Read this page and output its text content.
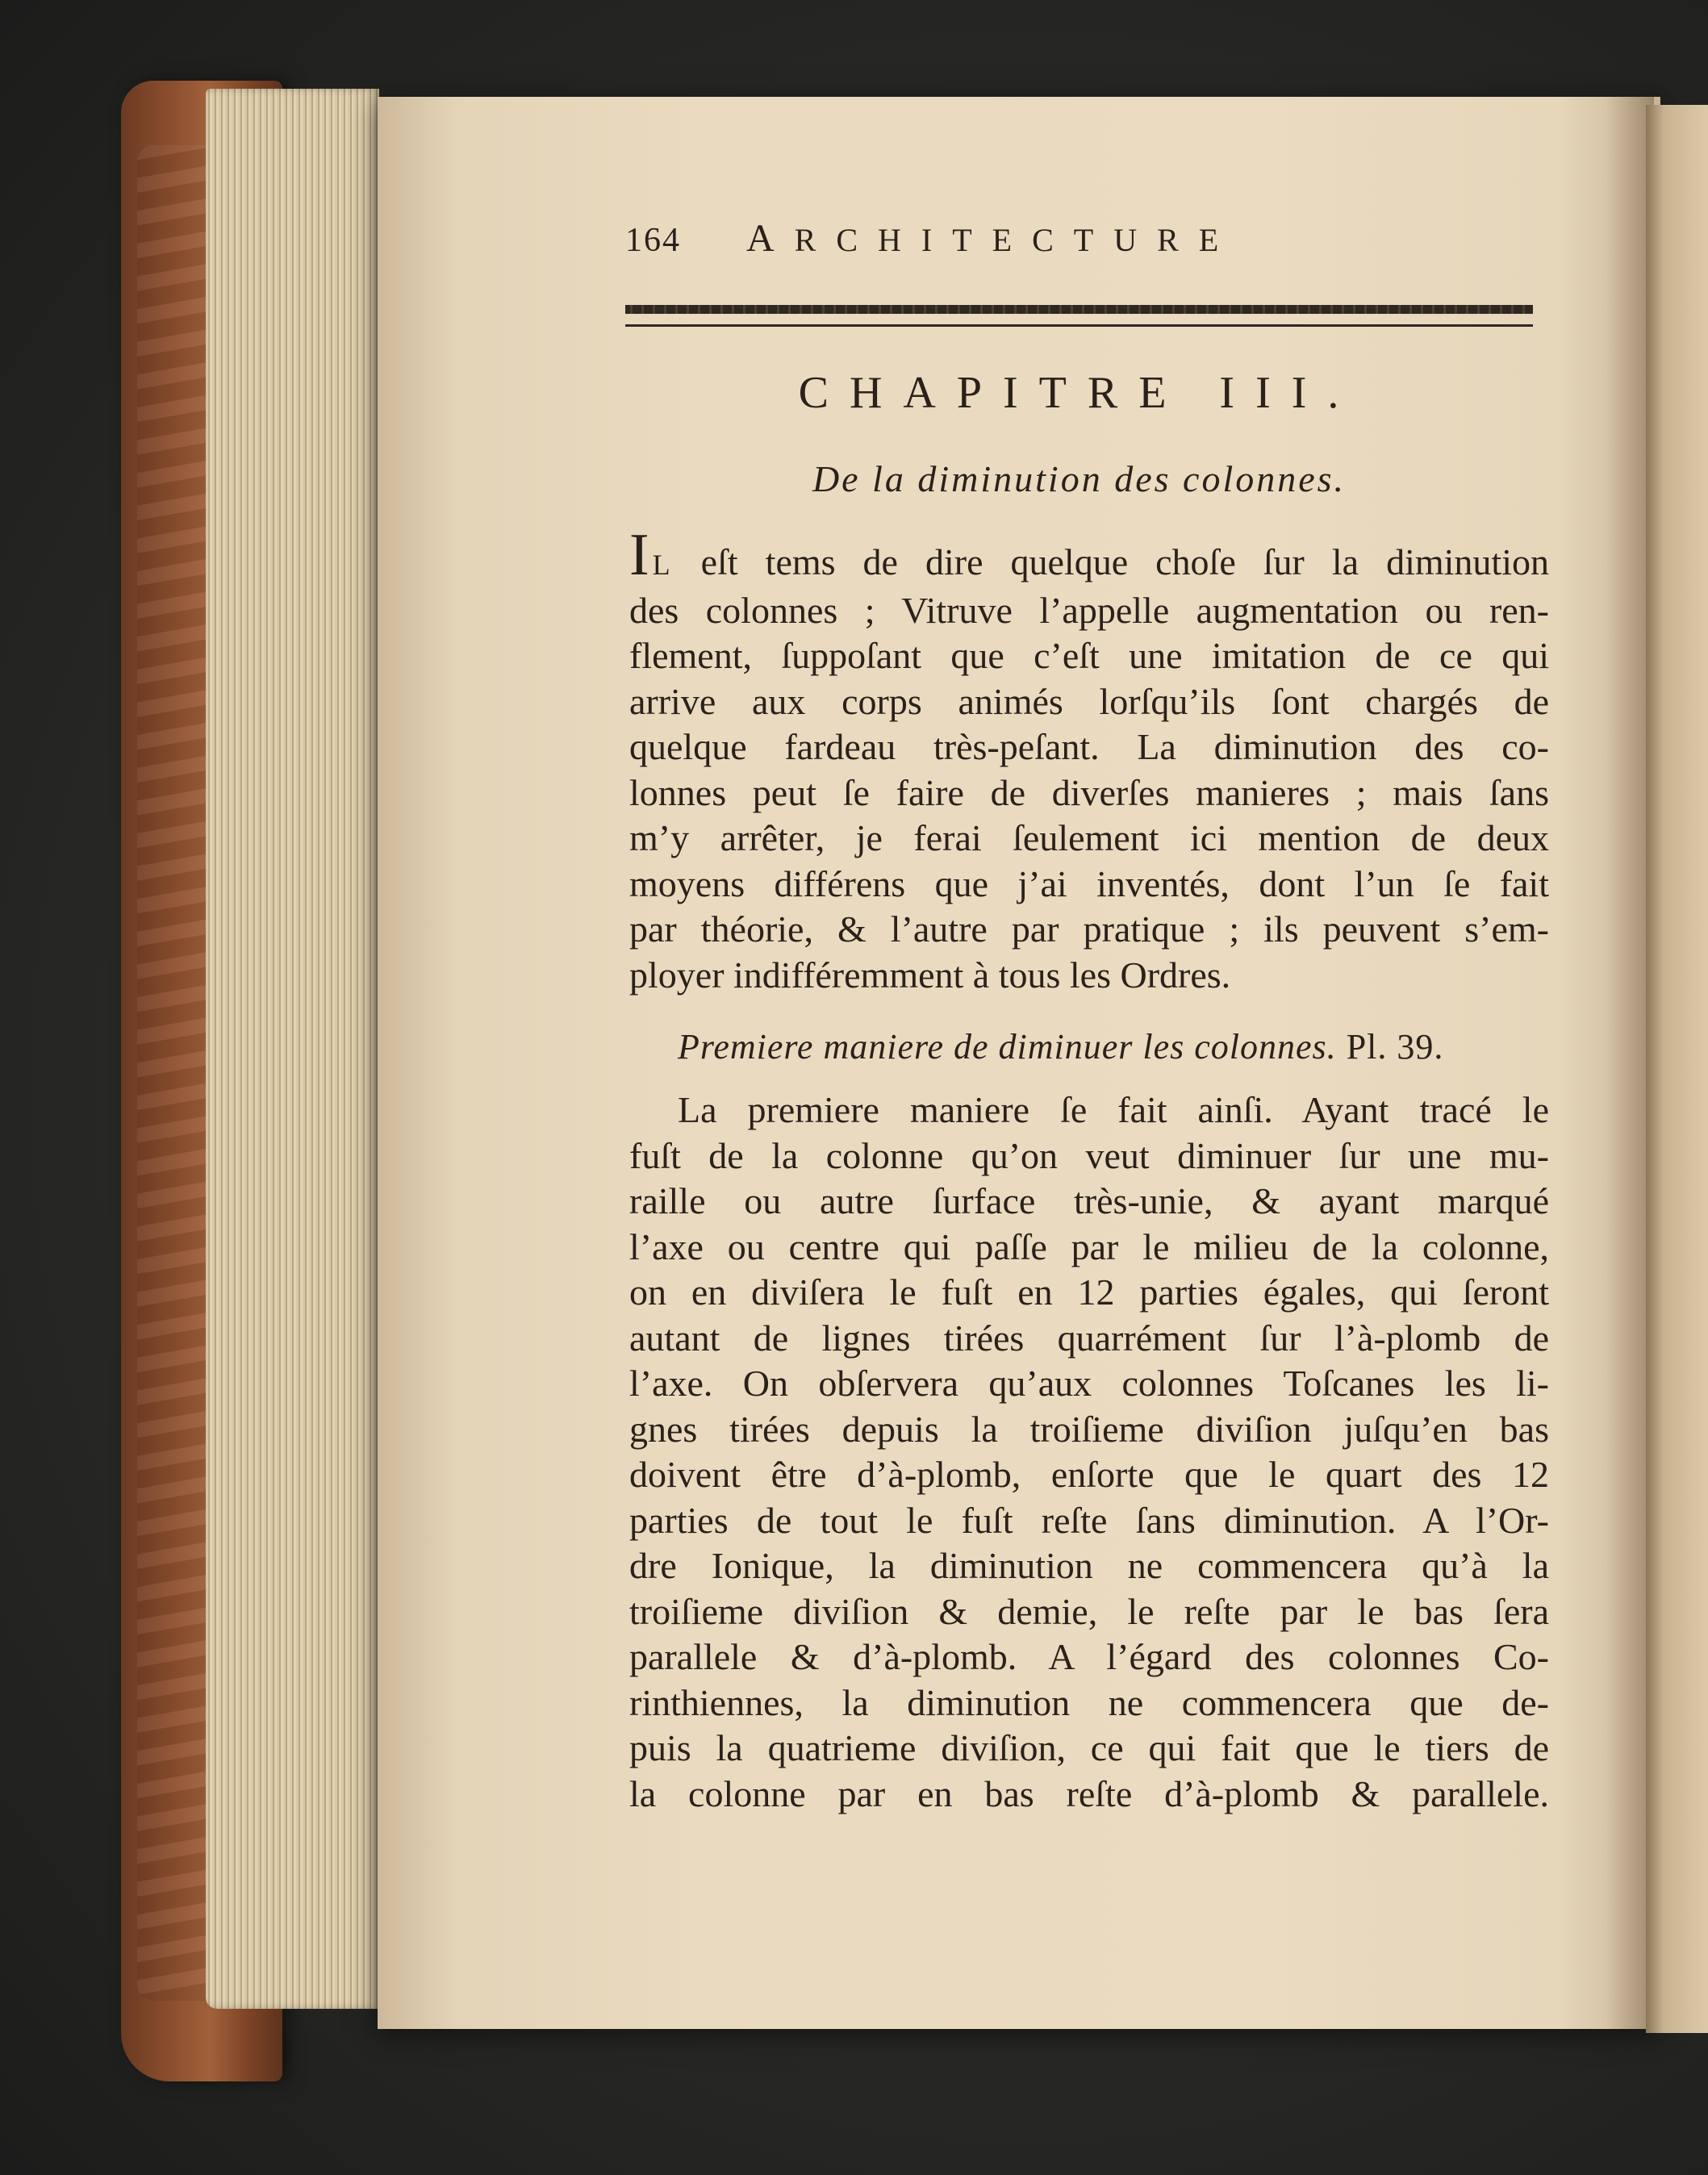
164	ARCHITECTURE
CHAPITRE III.
De la diminution des colonnes.
IL eſt tems de dire quelque choſe ſur la diminution
des colonnes ; Vitruve l’appelle augmentation ou ren-
flement, ſuppoſant que c’eſt une imitation de ce qui
arrive aux corps animés lorſqu’ils ſont chargés de
quelque fardeau très-peſant. La diminution des co-
lonnes peut ſe faire de diverſes manieres ; mais ſans
m’y arrêter, je ferai ſeulement ici mention de deux
moyens différens que j’ai inventés, dont l’un ſe fait
par théorie, & l’autre par pratique ; ils peuvent s’em-
ployer indifféremment à tous les Ordres.
Premiere maniere de diminuer les colonnes. Pl. 39.
La premiere maniere ſe fait ainſi. Ayant tracé le
fuſt de la colonne qu’on veut diminuer ſur une mu-
raille ou autre ſurface très-unie, & ayant marqué
l’axe ou centre qui paſſe par le milieu de la colonne,
on en diviſera le fuſt en 12 parties égales, qui ſeront
autant de lignes tirées quarrément ſur l’à-plomb de
l’axe. On obſervera qu’aux colonnes Toſcanes les li-
gnes tirées depuis la troiſieme diviſion juſqu’en bas
doivent être d’à-plomb, enſorte que le quart des 12
parties de tout le fuſt reſte ſans diminution. A l’Or-
dre Ionique, la diminution ne commencera qu’à la
troiſieme diviſion & demie, le reſte par le bas ſera
parallele & d’à-plomb. A l’égard des colonnes Co-
rinthiennes, la diminution ne commencera que de-
puis la quatrieme diviſion, ce qui fait que le tiers de
la colonne par en bas reſte d’à-plomb & parallele.
